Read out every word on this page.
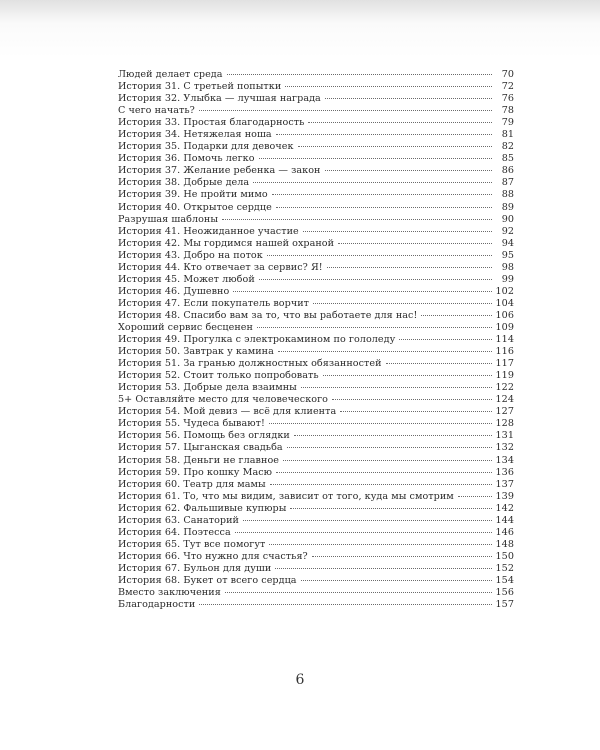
Людей делает среда	70
История 31. С третьей попытки	72
История 32. Улыбка — лучшая награда	76
С чего начать?	78
История 33. Простая благодарность	79
История 34. Нетяжелая ноша	81
История 35. Подарки для девочек	82
История 36. Помочь легко	85
История 37. Желание ребенка — закон	86
История 38. Добрые дела	87
История 39. Не пройти мимо	88
История 40. Открытое сердце	89
Разрушая шаблоны	90
История 41. Неожиданное участие	92
История 42. Мы гордимся нашей охраной	94
История 43. Добро на поток	95
История 44. Кто отвечает за сервис? Я!	98
История 45. Может любой	99
История 46. Душевно	102
История 47. Если покупатель ворчит	104
История 48. Спасибо вам за то, что вы работаете для нас!	106
Хороший сервис бесценен	109
История 49. Прогулка с электрокамином по гололеду	114
История 50. Завтрак у камина	116
История 51. За гранью должностных обязанностей	117
История 52. Стоит только попробовать	119
История 53. Добрые дела взаимны	122
5+ Оставляйте место для человеческого	124
История 54. Мой девиз — всё для клиента	127
История 55. Чудеса бывают!	128
История 56. Помощь без оглядки	131
История 57. Цыганская свадьба	132
История 58. Деньги не главное	134
История 59. Про кошку Масю	136
История 60. Театр для мамы	137
История 61. То, что мы видим, зависит от того, куда мы смотрим	139
История 62. Фальшивые купюры	142
История 63. Санаторий	144
История 64. Поэтесса	146
История 65. Тут все помогут	148
История 66. Что нужно для счастья?	150
История 67. Бульон для души	152
История 68. Букет от всего сердца	154
Вместо заключения	156
Благодарности	157
6
